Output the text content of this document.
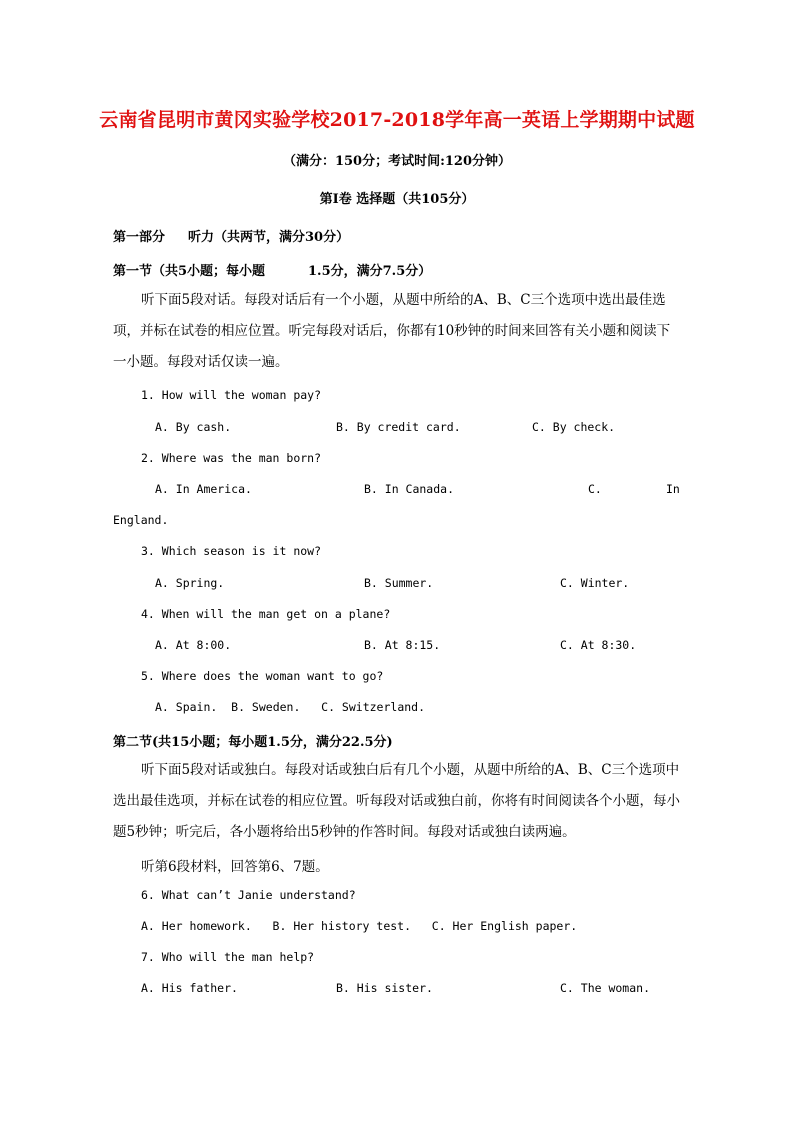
云南省昆明市黄冈实验学校2017-2018学年高一英语上学期期中试题
（满分：150分；考试时间:120分钟）
第Ⅰ卷 选择题（共105分）
第一部分 听力（共两节，满分30分）
第一节（共5小题；每小题	1.5分，满分7.5分）
听下面5段对话。每段对话后有一个小题，从题中所给的A、B、C三个选项中选出最佳选项，并标在试卷的相应位置。听完每段对话后，你都有10秒钟的时间来回答有关小题和阅读下一小题。每段对话仅读一遍。
1. How will the woman pay?
A. By cash.	B. By credit card.	C. By check.
2. Where was the man born?
A. In America.	B. In Canada.	C.	In
England.
3. Which season is it now?
A. Spring.	B. Summer.	C. Winter.
4. When will the man get on a plane?
A. At 8:00.	B. At 8:15.	C. At 8:30.
5. Where does the woman want to go?
A. Spain.  B. Sweden.   C. Switzerland.
第二节(共15小题；每小题1.5分，满分22.5分)
听下面5段对话或独白。每段对话或独白后有几个小题，从题中所给的A、B、C三个选项中选出最佳选项，并标在试卷的相应位置。听每段对话或独白前，你将有时间阅读各个小题，每小题5秒钟；听完后，各小题将给出5秒钟的作答时间。每段对话或独白读两遍。
听第6段材料，回答第6、7题。
6. What can’t Janie understand?
A. Her homework.   B. Her history test.   C. Her English paper.
7. Who will the man help?
A. His father.	B. His sister.	C. The woman.
